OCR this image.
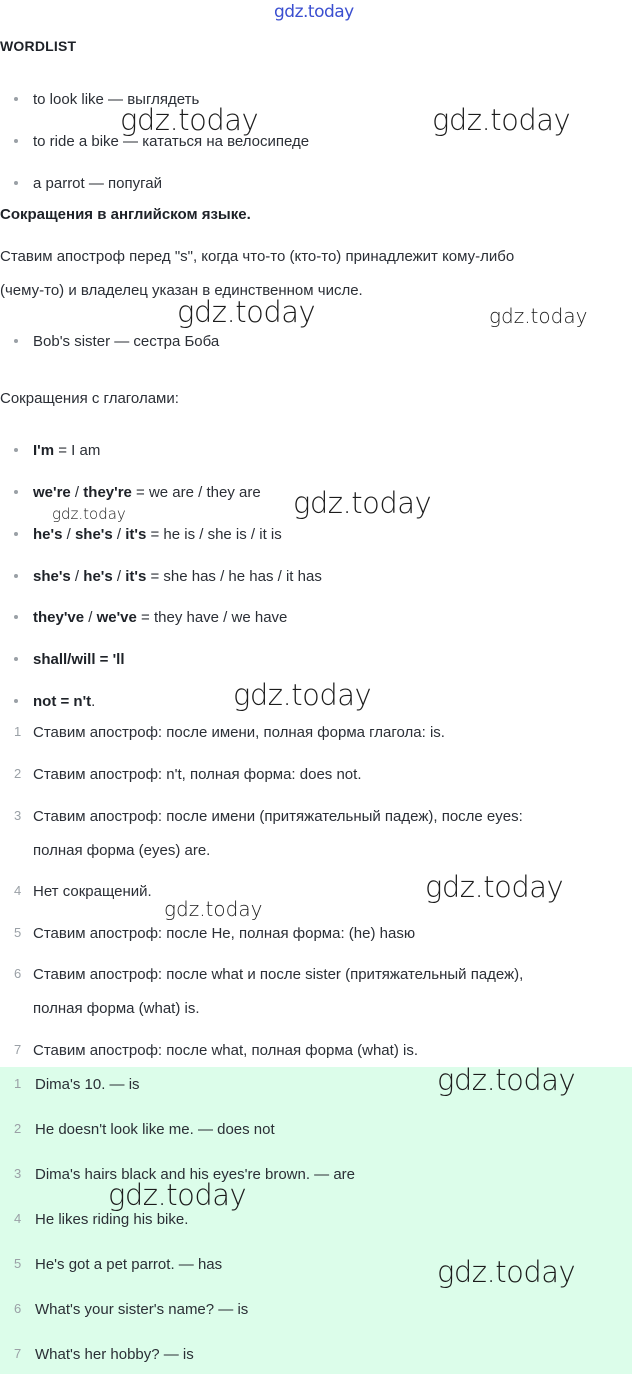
gdz.today
WORDLIST
to look like — выглядеть
to ride a bike — кататься на велосипеде
a parrot — попугай
Сокращения в английском языке.
Ставим апостроф перед "s", когда что-то (кто-то) принадлежит кому-либо
(чему-то) и владелец указан в единственном числе.
Bob's sister — сестра Боба
Сокращения с глаголами:
I'm = I am
we're / they're = we are / they are
he's / she's / it's = he is / she is / it is
she's / he's / it's = she has / he has / it has
they've / we've = they have / we have
shall/will = 'll
not = n't .
1 Ставим апостроф: после имени, полная форма глагола: is.
2 Ставим апостроф: n't, полная форма: does not.
3 Ставим апостроф: после имени (притяжательный падеж), после eyes:
полная форма (eyes) are.
4 Нет сокращений.
5 Ставим апостроф: после He, полная форма: (he) hasю
6 Ставим апостроф: после what и после sister (притяжательный падеж),
полная форма (what) is.
7 Ставим апостроф: после what, полная форма (what) is.
1 Dima's 10. — is
2 He doesn't look like me. — does not
3 Dima's hairs black and his eyes're brown. — are
4 He likes riding his bike.
5 He's got a pet parrot. — has
6 What's your sister's name? — is
7 What's her hobby? — is
gdz.today	gdz.today
gdz.today	gdz.today
gdz.today
gdz.today
gdz.today
gdz.today
gdz.today
gdz.today
gdz.today
gdz.today
